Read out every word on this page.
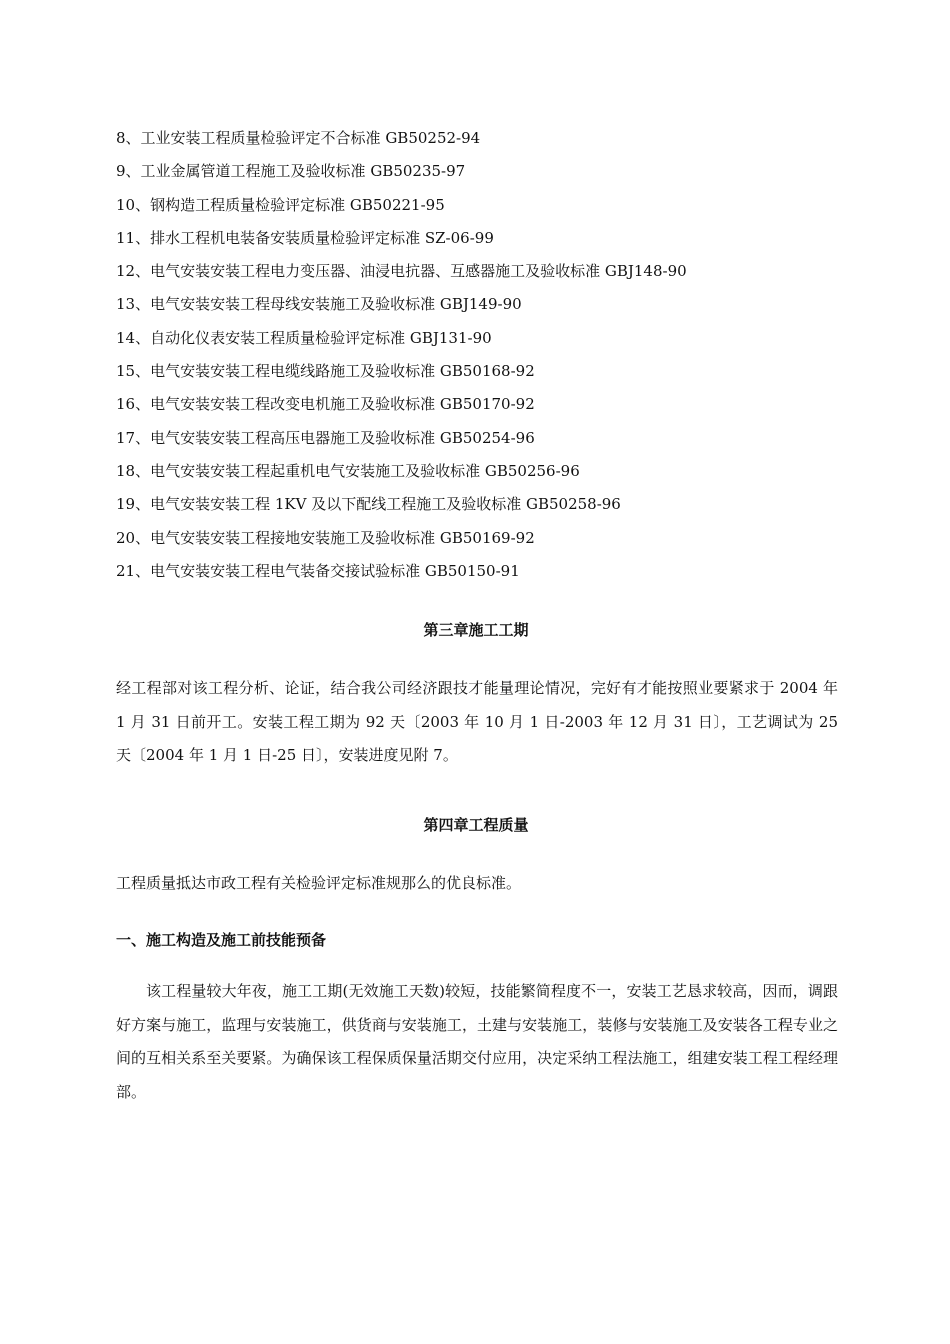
8、工业安装工程质量检验评定不合标准 GB50252-94
9、工业金属管道工程施工及验收标准 GB50235-97
10、钢构造工程质量检验评定标准 GB50221-95
11、排水工程机电装备安装质量检验评定标准 SZ-06-99
12、电气安装安装工程电力变压器、油浸电抗器、互感器施工及验收标准 GBJ148-90
13、电气安装安装工程母线安装施工及验收标准 GBJ149-90
14、自动化仪表安装工程质量检验评定标准 GBJ131-90
15、电气安装安装工程电缆线路施工及验收标准 GB50168-92
16、电气安装安装工程改变电机施工及验收标准 GB50170-92
17、电气安装安装工程高压电器施工及验收标准 GB50254-96
18、电气安装安装工程起重机电气安装施工及验收标准 GB50256-96
19、电气安装安装工程 1KV 及以下配线工程施工及验收标准 GB50258-96
20、电气安装安装工程接地安装施工及验收标准 GB50169-92
21、电气安装安装工程电气装备交接试验标准 GB50150-91
第三章施工工期

经工程部对该工程分析、论证，结合我公司经济跟技才能量理论情况，完好有才能按照业要紧求于 2004 年 1 月 31 日前开工。安装工程工期为 92 天〔2003 年 10 月 1 日-2003 年 12 月 31 日〕，工艺调试为 25 天〔2004 年 1 月 1 日-25 日〕，安装进度见附 7。

第四章工程质量

工程质量抵达市政工程有关检验评定标准规那么的优良标准。

一、施工构造及施工前技能预备

该工程量较大年夜，施工工期(无效施工天数)较短，技能繁简程度不一，安装工艺恳求较高，因而，调跟好方案与施工，监理与安装施工，供货商与安装施工，土建与安装施工，装修与安装施工及安装各工程专业之间的互相关系至关要紧。为确保该工程保质保量活期交付应用，决定采纳工程法施工，组建安装工程工程经理部。
